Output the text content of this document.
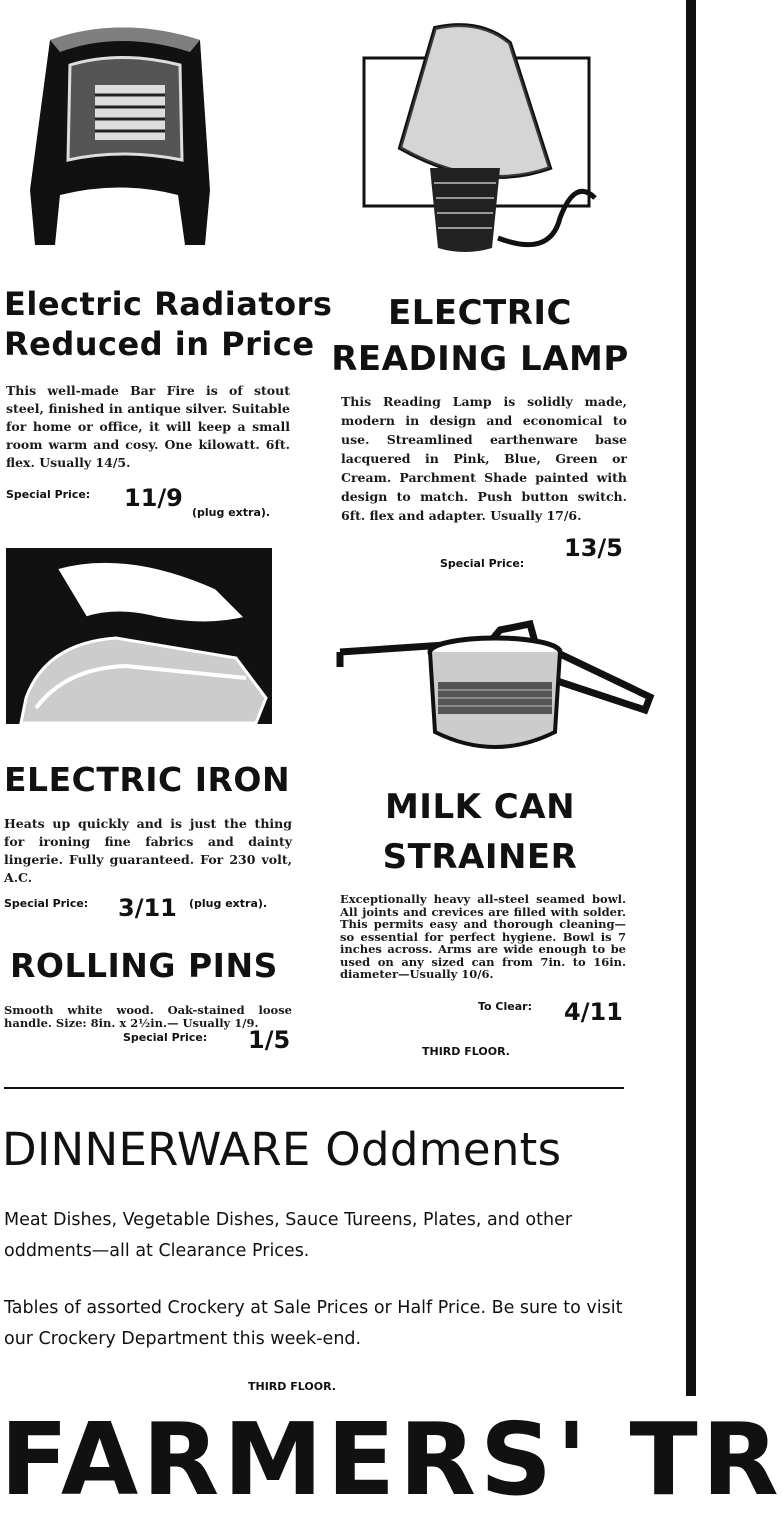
Electric Radiators
Reduced in Price
This well-made Bar Fire is of stout steel, finished in antique silver. Suitable for home or office, it will keep a small room warm and cosy. One kilowatt. 6ft. flex. Usually 14/5.
Special Price: 11/9
(plug extra).
ELECTRIC
READING LAMP
This Reading Lamp is solidly made, modern in design and economical to use. Streamlined earthenware base lacquered in Pink, Blue, Green or Cream. Parchment Shade painted with design to match. Push button switch. 6ft. flex and adapter. Usually 17/6.
Special Price:
13/5
ELECTRIC IRON
Heats up quickly and is just the thing for ironing fine fabrics and dainty lingerie. Fully guaranteed. For 230 volt, A.C.
Special Price: 3/11 (plug extra).
MILK CAN
STRAINER
Exceptionally heavy all-steel seamed bowl. All joints and crevices are filled with solder. This permits easy and thorough cleaning—so essential for perfect hygiene. Bowl is 7 inches across. Arms are wide enough to be used on any sized can from 7in. to 16in. diameter—Usually 10/6.
To Clear: 4/11
THIRD FLOOR.
ROLLING PINS
Smooth white wood. Oak-stained loose handle. Size: 8in. x 2½in.— Usually 1/9.
Special Price: 1/5
DINNERWARE Oddments
Meat Dishes, Vegetable Dishes, Sauce Tureens, Plates, and other oddments—all at Clearance Prices.
Tables of assorted Crockery at Sale Prices or Half Price. Be sure to visit our Crockery Department this week-end.
THIRD FLOOR.
FARMERS' TR
